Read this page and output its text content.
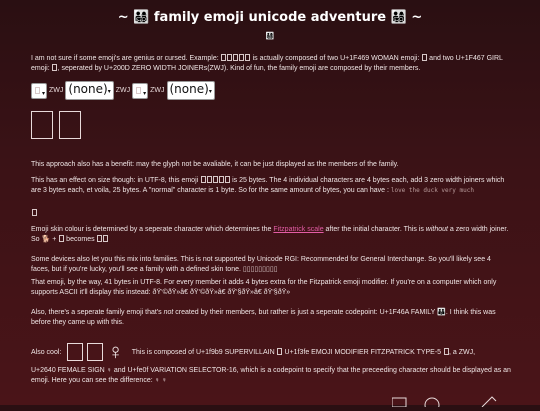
~ 👨‍👩‍👧‍👦 family emoji unicode adventure 👨‍👩‍👧‍👦 ~
👨‍👩‍👧‍👦
I am not sure if some emoji's are genius or cursed. Example:	is actually composed of two U+1F469 WOMAN emoji:  and two U+1F467 GIRL emoji: , seperated by U+200D ZERO WIDTH JOINERs(ZWJ). Kind of fun, the family emoji are composed by their members.
▾ ZWJ (none)▾ ZWJ ▾ ZWJ (none)▾
This approach also has a benefit: may the glyph not be avaliable, it can be just displayed as the members of the family.
This has an effect on size though: in UTF-8, this emoji	is 25 bytes. The 4 individual characters are 4 bytes each, add 3 zero width joiners which are 3 bytes each, et voila, 25 bytes. A "normal" character is 1 byte. So for the same amount of bytes, you can have : love the duck very much
Emoji skin colour is determined by a seperate character which determines the Fitzpatrick scale after the initial character. This is without a zero width joiner. So 🐕 +  becomes
Some devices also let you this mix into families. This is not supported by Unicode RGI: Recommended for General Interchange. So you'll likely see 4 faces, but if you're lucky, you'll see a family with a defined skin tone. ▯▯▯▯▯▯▯▯▯
That emoji, by the way, 41 bytes in UTF-8. For every member it adds 4 bytes extra for the Fitzpatrick emoji modifier. If you're on a computer which only supports ASCII it'll display this instead: ðŸ‘©ðŸ»â€ ðŸ‘©ðŸ»â€ ðŸ‘§ðŸ»â€ ðŸ‘§ðŸ»
Also, there's a seperate family emoji that's not created by their members, but rather is just a seperate codepoint: U+1F46A FAMILY 👪. I think this was before they came up with this.
Also cool: ♀ This is composed of U+1f9b9 SUPERVILLAIN  U+1f3fe EMOJI MODIFIER FITZPATRICK TYPE-5 , a ZWJ,
U+2640 FEMALE SIGN ♀ and U+fe0f VARIATION SELECTOR-16, which is a codepoint to specify that the preceeding character should be displayed as an emoji. Here you can see the difference: ♀ ♀
